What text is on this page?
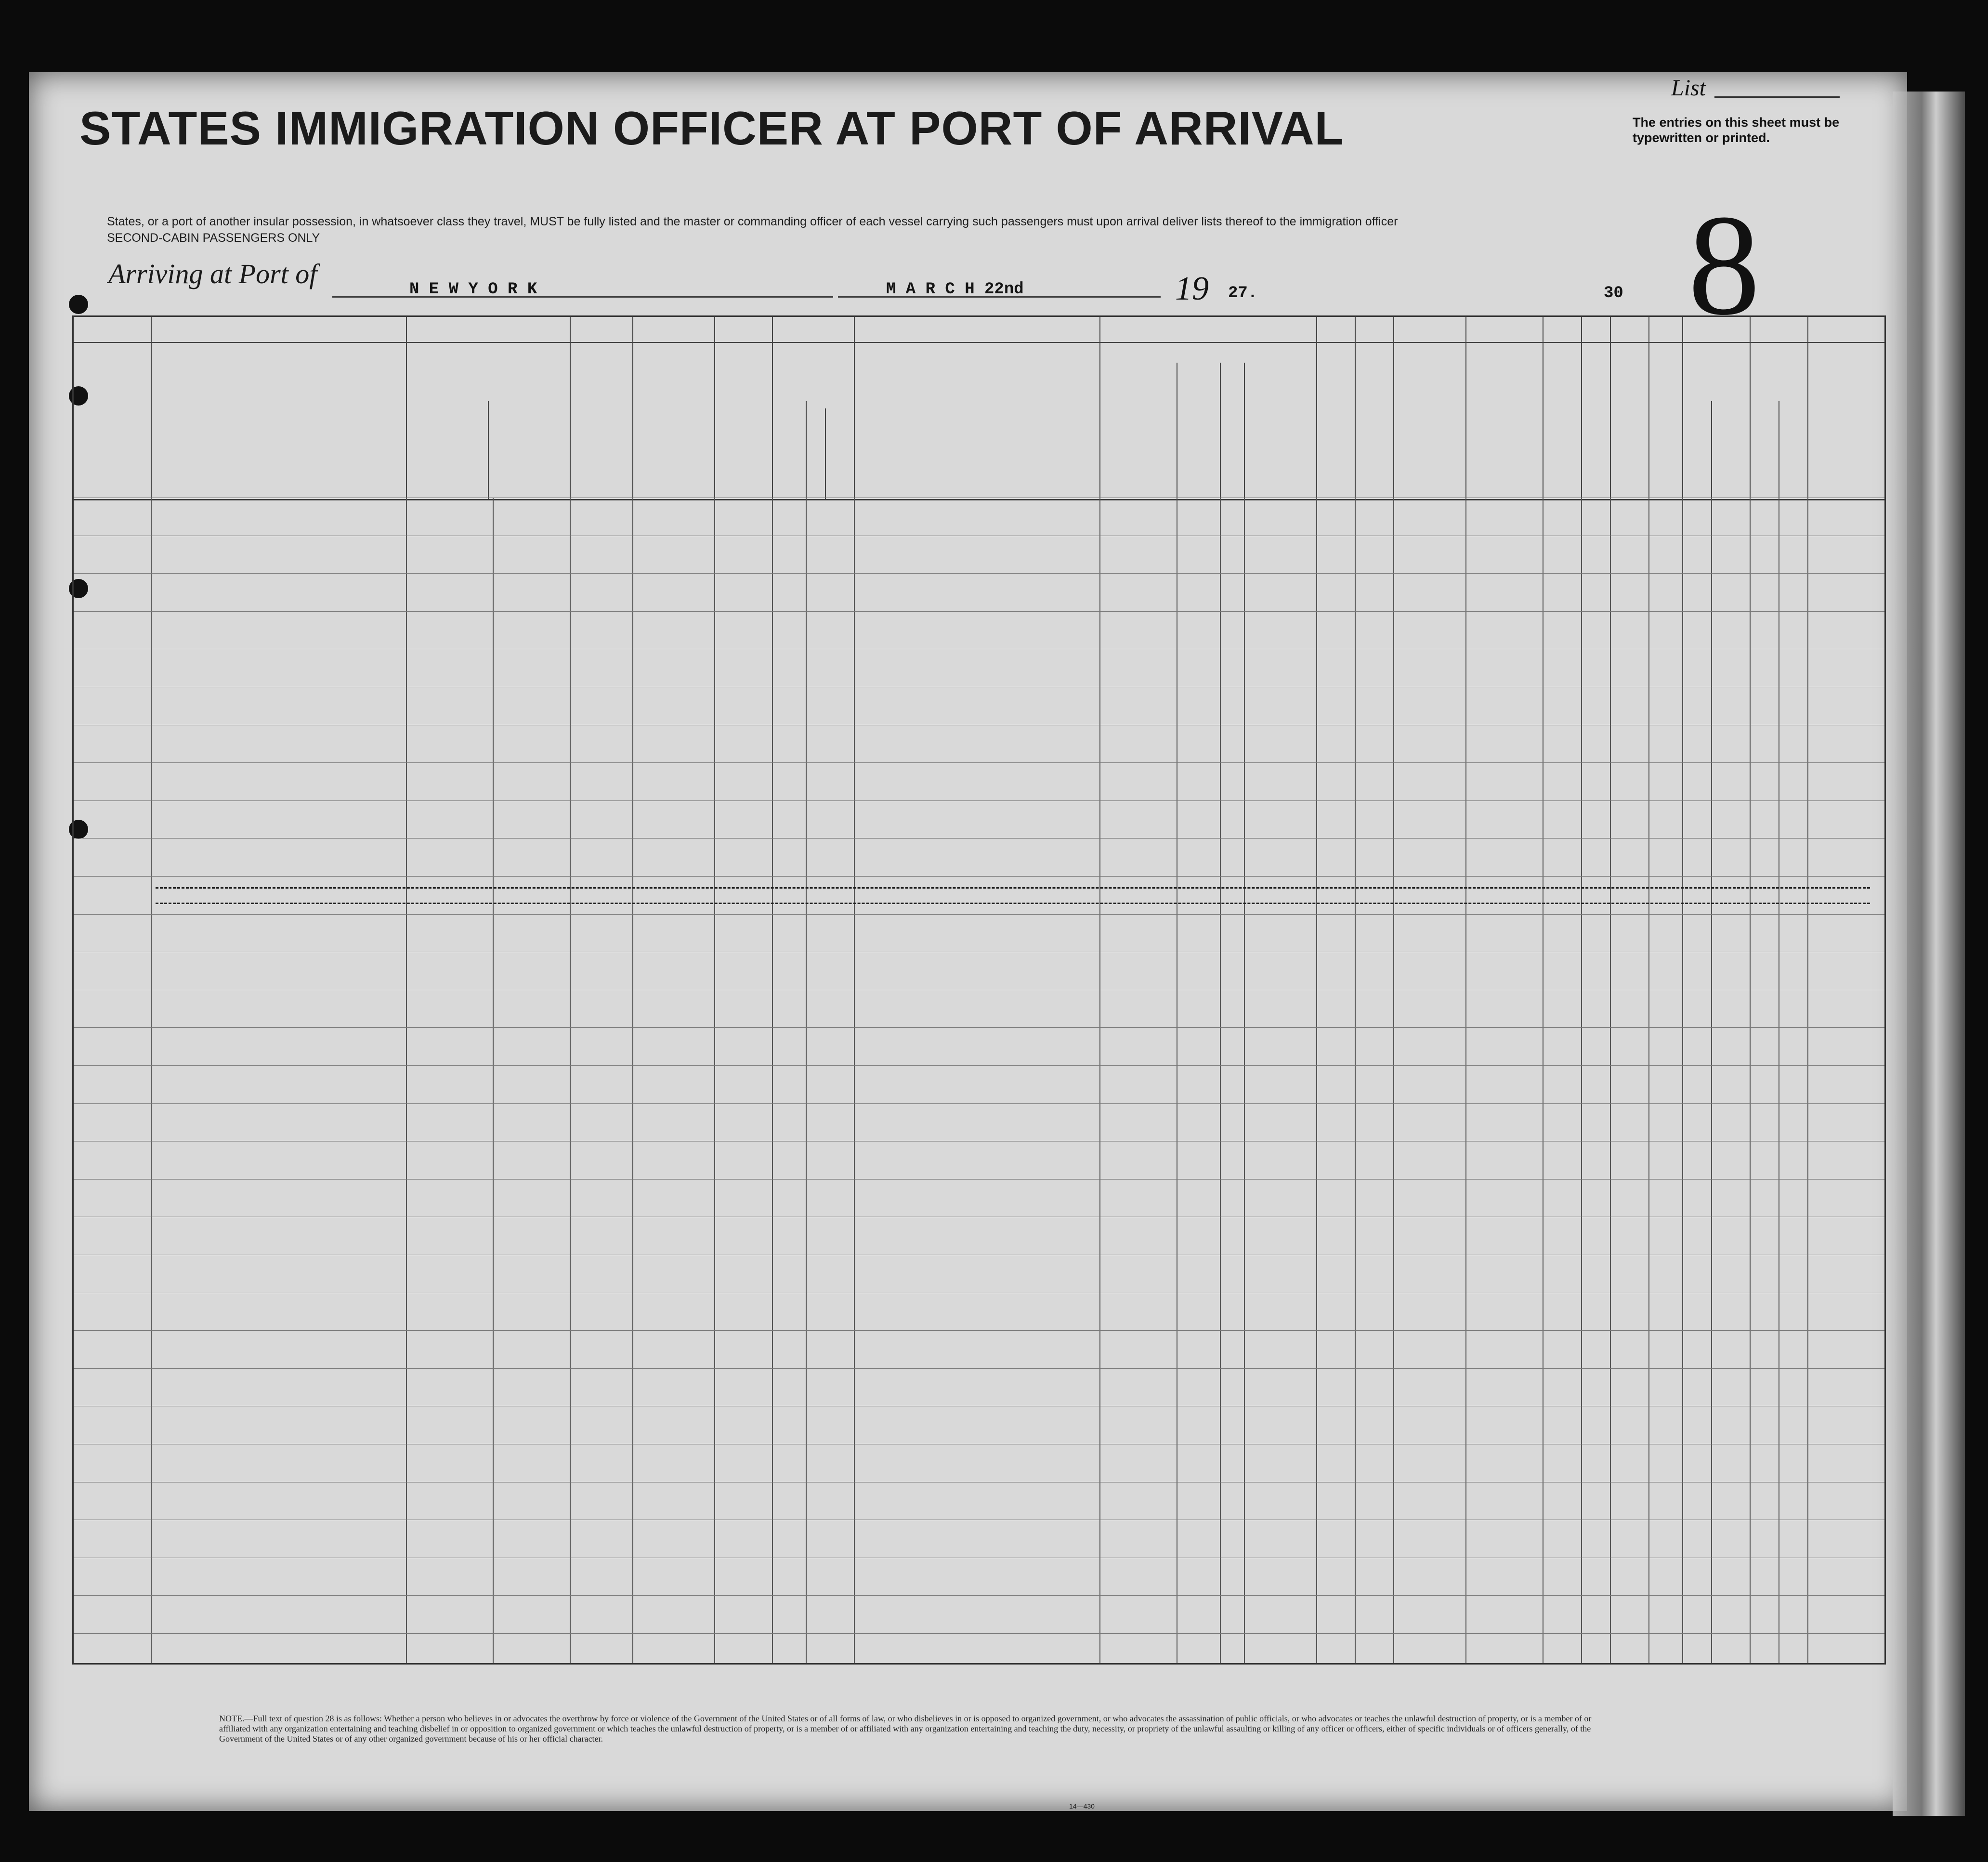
STATES IMMIGRATION OFFICER AT PORT OF ARRIVAL
States, or a port of another insular possession, in whatsoever class they travel, MUST be fully listed and the master or commanding officer of each vessel carrying such passengers must upon arrival deliver lists thereof to the immigration officer
SECOND-CABIN PASSENGERS ONLY
List
The entries on this sheet must be typewritten or printed.
8
Arriving at Port of	N E W Y O R K	M A R C H 22nd	19 27.	30
NOTE.—Full text of question 28 is as follows: Whether a person who believes in or advocates the overthrow by force or violence of the Government of the United States or of all forms of law, or who disbelieves in or is opposed to organized government, or who advocates the assassination of public officials, or who advocates or teaches the unlawful destruction of property, or is a member of or affiliated with any organization entertaining and teaching disbelief in or opposition to organized government or which teaches the unlawful destruction of property, or is a member of or affiliated with any organization entertaining and teaching the duty, necessity, or propriety of the unlawful assaulting or killing of any officer or officers, either of specific individuals or of officers generally, of the Government of the United States or of any other organized government because of his or her official character.
14—430
